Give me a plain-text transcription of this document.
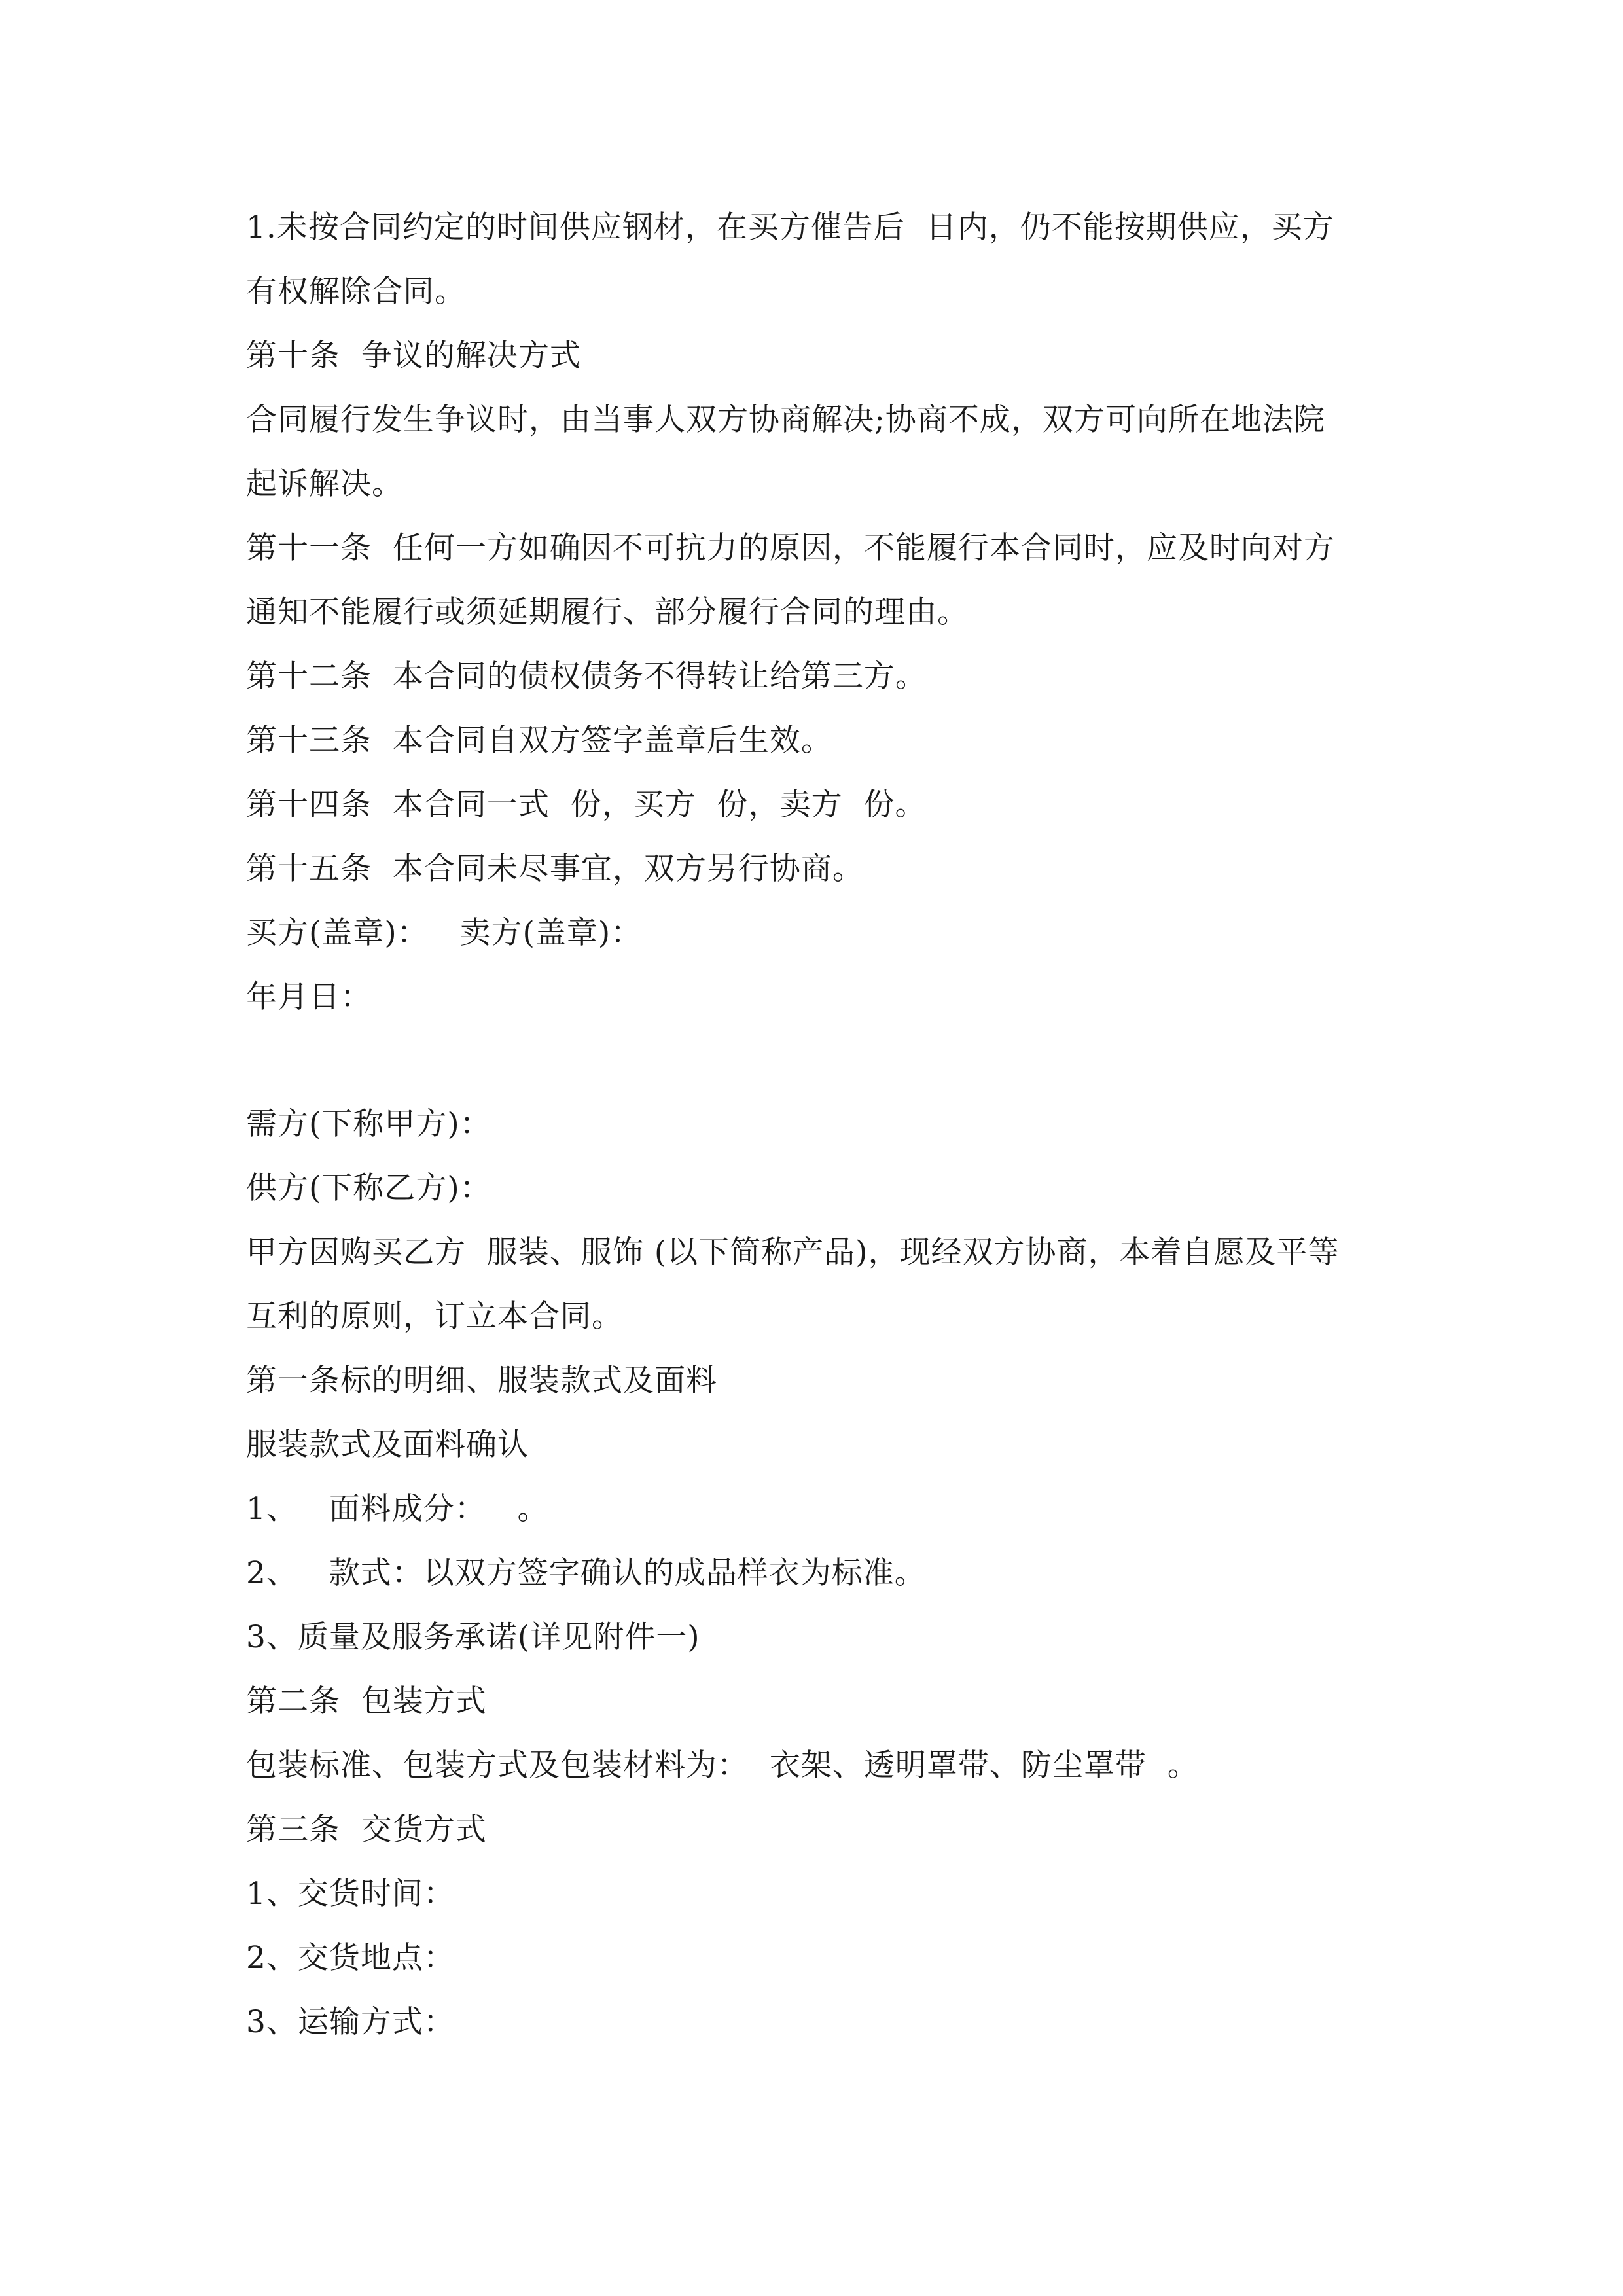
1.未按合同约定的时间供应钢材，在买方催告后  日内，仍不能按期供应，买方
有权解除合同。
第十条  争议的解决方式
合同履行发生争议时，由当事人双方协商解决;协商不成，双方可向所在地法院
起诉解决。
第十一条  任何一方如确因不可抗力的原因，不能履行本合同时，应及时向对方
通知不能履行或须延期履行、部分履行合同的理由。
第十二条  本合同的债权债务不得转让给第三方。
第十三条  本合同自双方签字盖章后生效。
第十四条  本合同一式  份，买方  份，卖方  份。
第十五条  本合同未尽事宜，双方另行协商。
买方(盖章)：   卖方(盖章)：
年月日：
需方(下称甲方)：
供方(下称乙方)：
甲方因购买乙方  服装、服饰 (以下简称产品)，现经双方协商，本着自愿及平等
互利的原则，订立本合同。
第一条标的明细、服装款式及面料
服装款式及面料确认
1、   面料成分：   。
2、   款式：以双方签字确认的成品样衣为标准。
3、质量及服务承诺(详见附件一)
第二条  包装方式
包装标准、包装方式及包装材料为：  衣架、透明罩带、防尘罩带  。
第三条  交货方式
1、交货时间：
2、交货地点：
3、运输方式：
